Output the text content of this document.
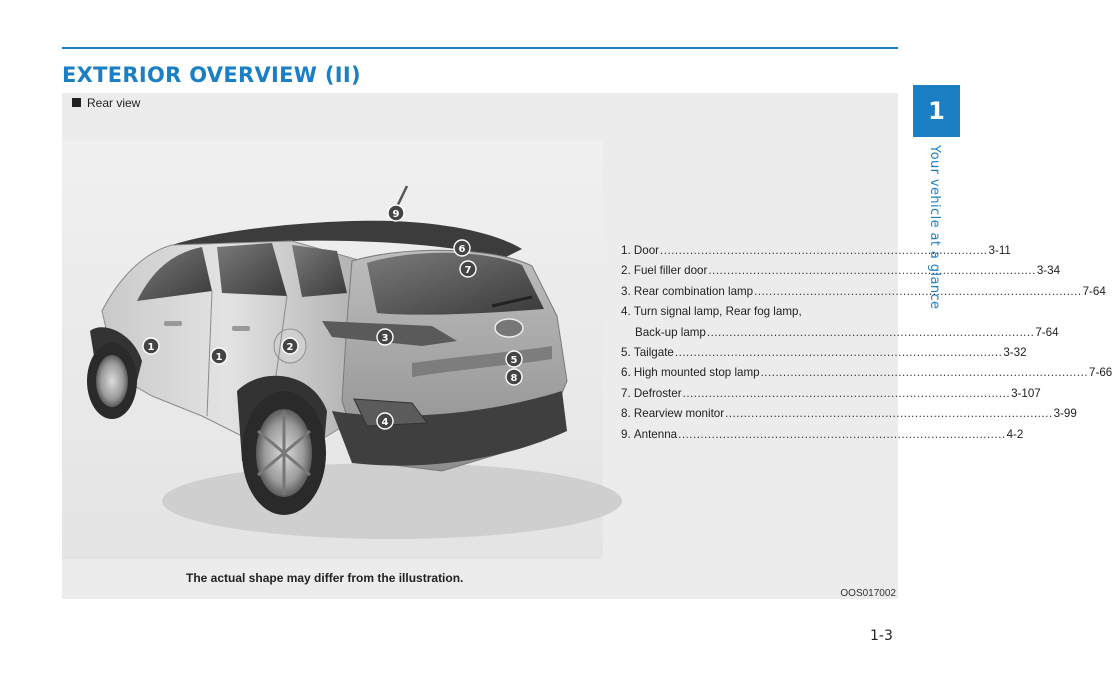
EXTERIOR OVERVIEW (II)
1
Your vehicle at a glance
Rear view
1
1
2
3
4
5
6
7
8
9
1 . Door ........................................................................................ 3-11
2 . Fuel filler door ........................................................................................ 3-34
3 . Rear combination lamp ........................................................................................ 7-64
4 . Turn signal lamp, Rear fog lamp,
Back-up lamp ........................................................................................ 7-64
5 . Tailgate ........................................................................................ 3-32
6 . High mounted stop lamp ........................................................................................ 7-66
7 . Defroster ........................................................................................ 3-107
8 . Rearview monitor ........................................................................................ 3-99
9 . Antenna ........................................................................................ 4-2
The actual shape may differ from the illustration.
OOS017002
1-3
